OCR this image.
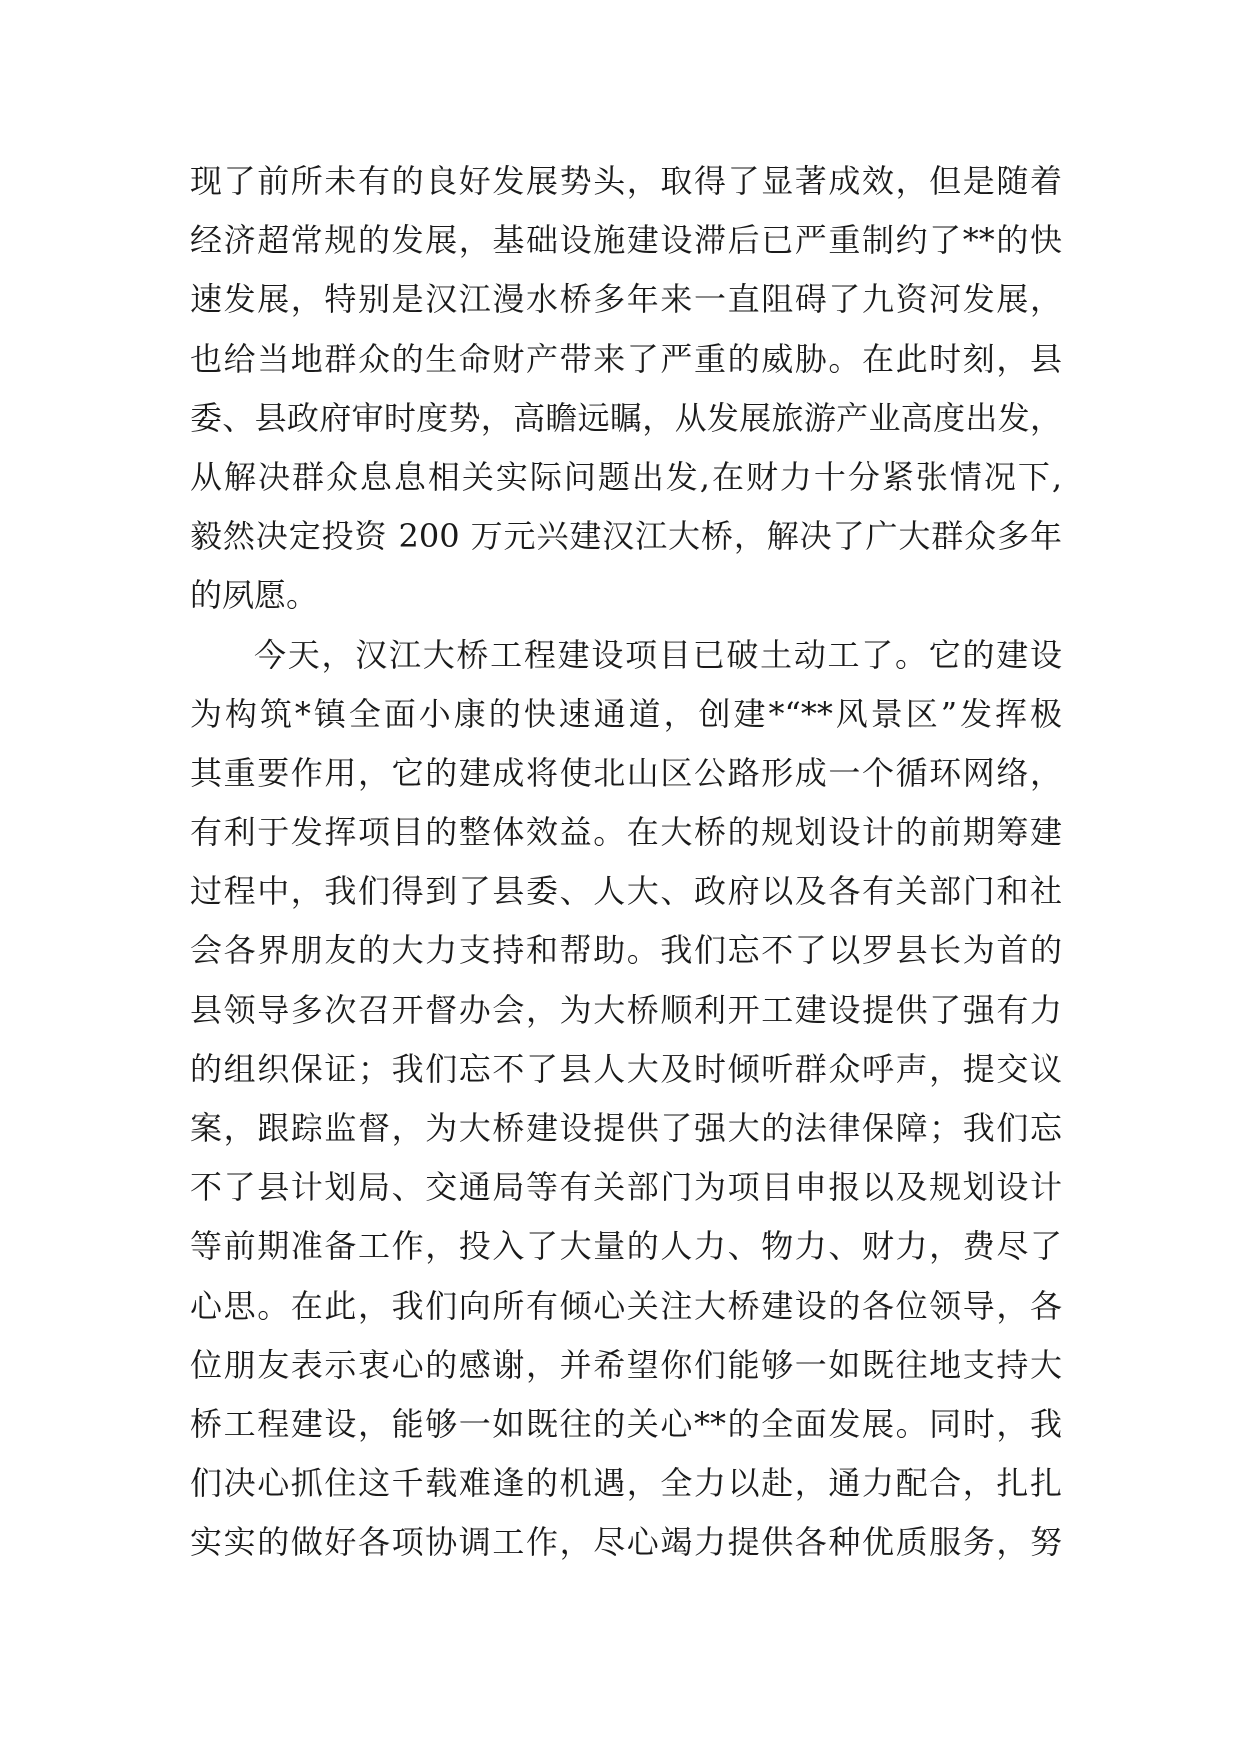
现了前所未有的良好发展势头，取得了显著成效，但是随着
经济超常规的发展，基础设施建设滞后已严重制约了**的快
速发展，特别是汉江漫水桥多年来一直阻碍了九资河发展，
也给当地群众的生命财产带来了严重的威胁。在此时刻，县
委、县政府审时度势，高瞻远瞩，从发展旅游产业高度出发，
从解决群众息息相关实际问题出发,在财力十分紧张情况下,
毅然决定投资 200 万元兴建汉江大桥，解决了广大群众多年
的夙愿。
今天，汉江大桥工程建设项目已破土动工了。它的建设
为构筑*镇全面小康的快速通道，创建*“**风景区”发挥极
其重要作用，它的建成将使北山区公路形成一个循环网络，
有利于发挥项目的整体效益。在大桥的规划设计的前期筹建
过程中，我们得到了县委、人大、政府以及各有关部门和社
会各界朋友的大力支持和帮助。我们忘不了以罗县长为首的
县领导多次召开督办会，为大桥顺利开工建设提供了强有力
的组织保证；我们忘不了县人大及时倾听群众呼声，提交议
案，跟踪监督，为大桥建设提供了强大的法律保障；我们忘
不了县计划局、交通局等有关部门为项目申报以及规划设计
等前期准备工作，投入了大量的人力、物力、财力，费尽了
心思。在此，我们向所有倾心关注大桥建设的各位领导，各
位朋友表示衷心的感谢，并希望你们能够一如既往地支持大
桥工程建设，能够一如既往的关心**的全面发展。同时，我
们决心抓住这千载难逢的机遇，全力以赴，通力配合，扎扎
实实的做好各项协调工作，尽心竭力提供各种优质服务，努
